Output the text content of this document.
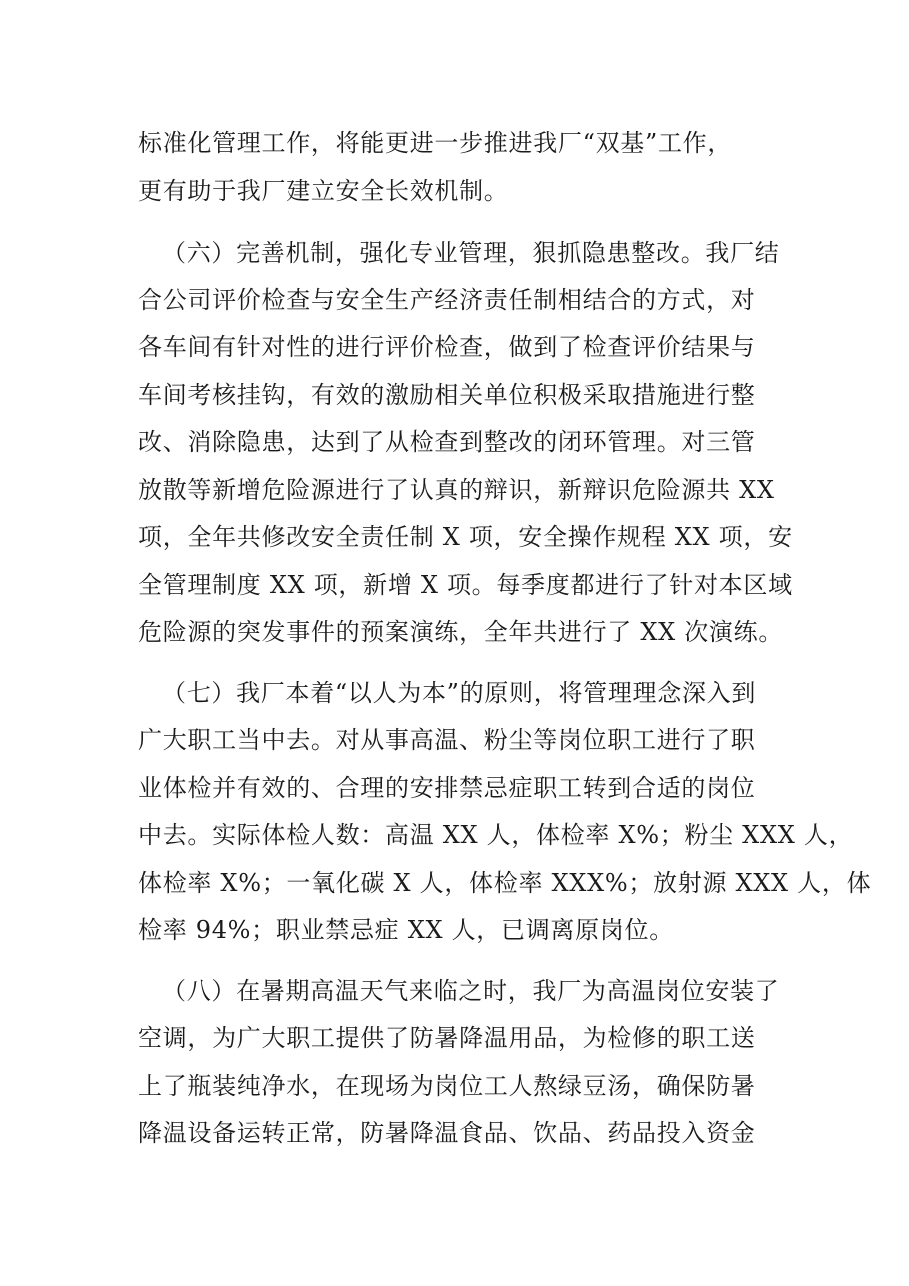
标准化管理工作，将能更进一步推进我厂“双基”工作，
更有助于我厂建立安全长效机制。
（六）完善机制，强化专业管理，狠抓隐患整改。我厂结
合公司评价检查与安全生产经济责任制相结合的方式，对
各车间有针对性的进行评价检查，做到了检查评价结果与
车间考核挂钩，有效的激励相关单位积极采取措施进行整
改、消除隐患，达到了从检查到整改的闭环管理。对三管
放散等新增危险源进行了认真的辩识，新辩识危险源共 XX
项，全年共修改安全责任制 X 项，安全操作规程 XX 项，安
全管理制度 XX 项，新增 X 项。每季度都进行了针对本区域
危险源的突发事件的预案演练，全年共进行了 XX 次演练。
（七）我厂本着“以人为本”的原则，将管理理念深入到
广大职工当中去。对从事高温、粉尘等岗位职工进行了职
业体检并有效的、合理的安排禁忌症职工转到合适的岗位
中去。实际体检人数：高温 XX 人，体检率 X%；粉尘 XXX 人，
体检率 X%；一氧化碳 X 人，体检率 XXX%；放射源 XXX 人，体
检率 94%；职业禁忌症 XX 人，已调离原岗位。
（八）在暑期高温天气来临之时，我厂为高温岗位安装了
空调，为广大职工提供了防暑降温用品，为检修的职工送
上了瓶装纯净水，在现场为岗位工人熬绿豆汤，确保防暑
降温设备运转正常，防暑降温食品、饮品、药品投入资金
